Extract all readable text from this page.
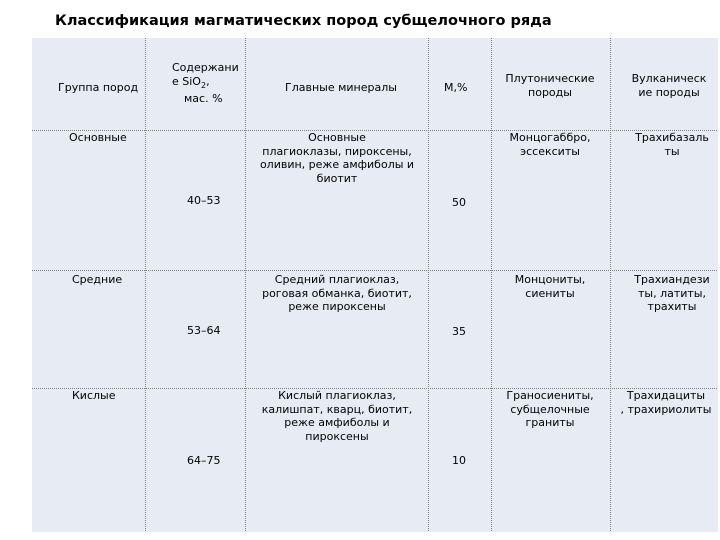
Классификация магматических пород субщелочного ряда
Группа пород
Содержани
е SiO$_2$,
мас. %
Главные минералы	М,%
Плутонические
породы
Вулканическ
ие породы
Основные
40–53
Основные
плагиоклазы, пироксены,
оливин, реже амфиболы и
биотит
50
Монцогаббро,
эссекситы
Трахибазаль
ты
Средние
53–64
Средний плагиоклаз,
роговая обманка, биотит,
реже пироксены
35
Монцониты,
сиениты
Трахиандези
ты, латиты,
трахиты
Кислые
64–75
Кислый плагиоклаз,
калишпат, кварц, биотит,
реже амфиболы и
пироксены
10
Граносиениты,
субщелочные
граниты
Трахидациты
, трахириолиты
